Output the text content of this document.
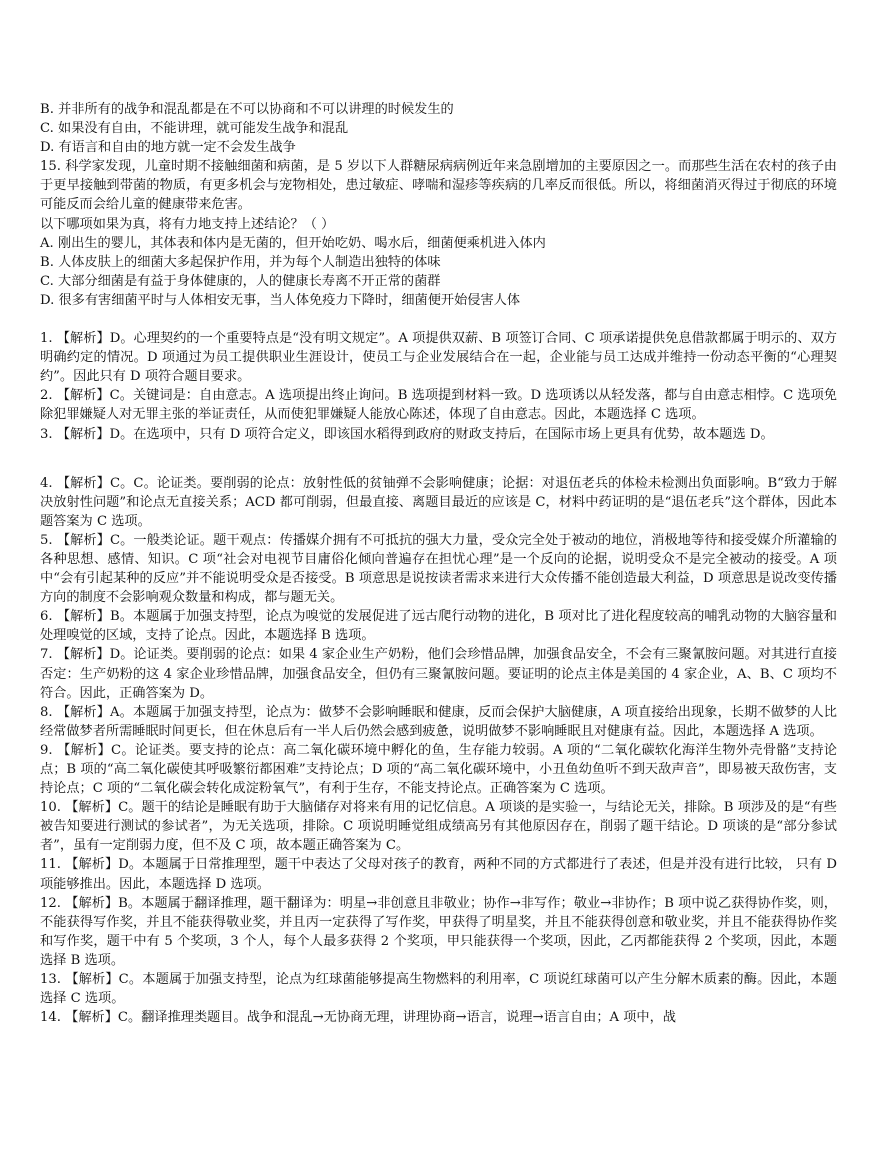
B. 并非所有的战争和混乱都是在不可以协商和不可以讲理的时候发生的

C. 如果没有自由，不能讲理，就可能发生战争和混乱

D. 有语言和自由的地方就一定不会发生战争

15. 科学家发现，儿童时期不接触细菌和病菌，是 5 岁以下人群糖尿病病例近年来急剧增加的主要原因之一。而那些生活在农村的孩子由于更早接触到带菌的物质，有更多机会与宠物相处，患过敏症、哮喘和湿疹等疾病的几率反而很低。所以，将细菌消灭得过于彻底的环境可能反而会给儿童的健康带来危害。

以下哪项如果为真，将有力地支持上述结论？（ ）

A. 刚出生的婴儿，其体表和体内是无菌的，但开始吃奶、喝水后，细菌便乘机进入体内

B. 人体皮肤上的细菌大多起保护作用，并为每个人制造出独特的体味

C. 大部分细菌是有益于身体健康的，人的健康长寿离不开正常的菌群

D. 很多有害细菌平时与人体相安无事，当人体免疫力下降时，细菌便开始侵害人体

1. 【解析】D。心理契约的一个重要特点是“没有明文规定”。A 项提供双薪、B 项签订合同、C 项承诺提供免息借款都属于明示的、双方明确约定的情况。D 项通过为员工提供职业生涯设计，使员工与企业发展结合在一起，企业能与员工达成并维持一份动态平衡的“心理契约”。因此只有 D 项符合题目要求。

2. 【解析】C。关键词是：自由意志。A 选项提出终止询问。B 选项提到材料一致。D 选项诱以从轻发落，都与自由意志相悖。C 选项免除犯罪嫌疑人对无罪主张的举证责任，从而使犯罪嫌疑人能放心陈述，体现了自由意志。因此，本题选择 C 选项。

3. 【解析】D。在选项中，只有 D 项符合定义，即该国水稻得到政府的财政支持后，在国际市场上更具有优势，故本题选 D。

4. 【解析】C。C。论证类。要削弱的论点：放射性低的贫铀弹不会影响健康；论据：对退伍老兵的体检未检测出负面影响。B“致力于解决放射性问题”和论点无直接关系；ACD 都可削弱，但最直接、离题目最近的应该是 C，材料中药证明的是“退伍老兵”这个群体，因此本题答案为 C 选项。

5. 【解析】C。一般类论证。题干观点：传播媒介拥有不可抵抗的强大力量，受众完全处于被动的地位，消极地等待和接受媒介所灌输的各种思想、感情、知识。C 项“社会对电视节目庸俗化倾向普遍存在担忧心理”是一个反向的论据，说明受众不是完全被动的接受。A 项中“会有引起某种的反应”并不能说明受众是否接受。B 项意思是说按读者需求来进行大众传播不能创造最大利益，D 项意思是说改变传播方向的制度不会影响观众数量和构成，都与题无关。

6. 【解析】B。本题属于加强支持型，论点为嗅觉的发展促进了远古爬行动物的进化，B 项对比了进化程度较高的哺乳动物的大脑容量和处理嗅觉的区域，支持了论点。因此，本题选择 B 选项。

7. 【解析】D。论证类。要削弱的论点：如果 4 家企业生产奶粉，他们会珍惜品牌，加强食品安全，不会有三聚氰胺问题。对其进行直接否定：生产奶粉的这 4 家企业珍惜品牌，加强食品安全，但仍有三聚氰胺问题。要证明的论点主体是美国的 4 家企业，A、B、C 项均不符合。因此，正确答案为 D。

8. 【解析】A。本题属于加强支持型，论点为：做梦不会影响睡眠和健康，反而会保护大脑健康，A 项直接给出现象，长期不做梦的人比经常做梦者所需睡眠时间更长，但在休息后有一半人后仍然会感到疲惫，说明做梦不影响睡眠且对健康有益。因此，本题选择 A 选项。

9. 【解析】C。论证类。要支持的论点：高二氧化碳环境中孵化的鱼，生存能力较弱。A 项的“二氧化碳软化海洋生物外壳骨骼”支持论点；B 项的“高二氧化碳使其呼吸繁衍都困难”支持论点；D 项的“高二氧化碳环境中，小丑鱼幼鱼听不到天敌声音”，即易被天敌伤害，支持论点；C 项的“二氧化碳会转化成淀粉氧气”，有利于生存，不能支持论点。正确答案为 C 选项。

10. 【解析】C。题干的结论是睡眠有助于大脑储存对将来有用的记忆信息。A 项谈的是实验一，与结论无关，排除。B 项涉及的是“有些被告知要进行测试的参试者”，为无关选项，排除。C 项说明睡觉组成绩高另有其他原因存在，削弱了题干结论。D 项谈的是“部分参试者”，虽有一定削弱力度，但不及 C 项，故本题正确答案为 C。

11. 【解析】D。本题属于日常推理型，题干中表达了父母对孩子的教育，两种不同的方式都进行了表述，但是并没有进行比较， 只有 D 项能够推出。因此，本题选择 D 选项。

12. 【解析】B。本题属于翻译推理，题干翻译为：明星→非创意且非敬业；协作→非写作；敬业→非协作；B 项中说乙获得协作奖，则，不能获得写作奖，并且不能获得敬业奖，并且丙一定获得了写作奖，甲获得了明星奖，并且不能获得创意和敬业奖，并且不能获得协作奖和写作奖，题干中有 5 个奖项，3 个人，每个人最多获得 2 个奖项，甲只能获得一个奖项，因此，乙丙都能获得 2 个奖项，因此，本题选择 B 选项。

13. 【解析】C。本题属于加强支持型，论点为红球菌能够提高生物燃料的利用率，C 项说红球菌可以产生分解木质素的酶。因此，本题选择 C 选项。

14. 【解析】C。翻译推理类题目。战争和混乱→无协商无理，讲理协商→语言，说理→语言自由；A 项中，战
